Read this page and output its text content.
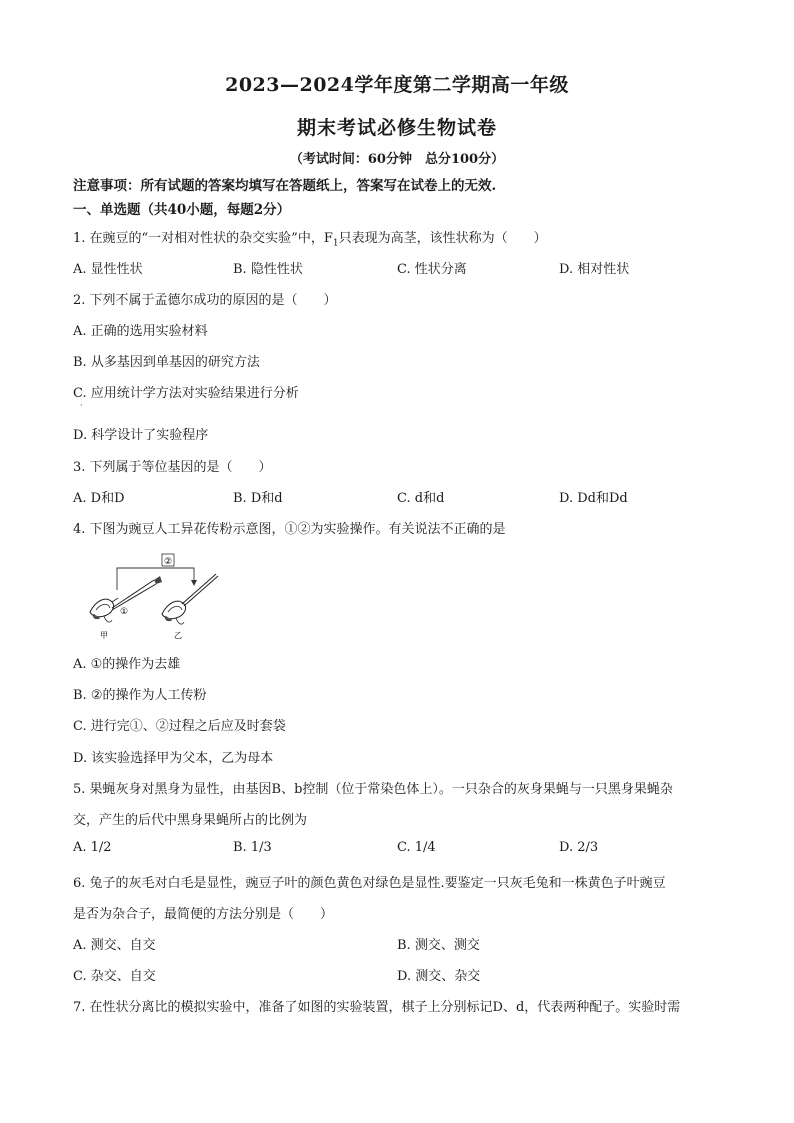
2023—2024学年度第二学期高一年级
期末考试必修生物试卷
（考试时间：60分钟　总分100分）
注意事项：所有试题的答案均填写在答题纸上，答案写在试卷上的无效.
一、单选题（共40小题，每题2分）
1. 在豌豆的“一对相对性状的杂交实验”中，$F_1$只表现为高茎，该性状称为（　　）
A. 显性性状	B. 隐性性状	C. 性状分离	D. 相对性状
2. 下列不属于孟德尔成功的原因的是（　　）
A. 正确的选用实验材料
B. 从多基因到单基因的研究方法
C. 应用统计学方法对实验结果进行分析
·
D. 科学设计了实验程序
3. 下列属于等位基因的是（　　）
A. D和D	B. D和d	C. d和d	D. Dd和Dd
4. 下图为豌豆人工异花传粉示意图，①②为实验操作。有关说法不正确的是
②
①
甲	乙
A. ①的操作为去雄
B. ②的操作为人工传粉
C. 进行完①、②过程之后应及时套袋
D. 该实验选择甲为父本，乙为母本
5. 果蝇灰身对黑身为显性，由基因B、b控制（位于常染色体上）。一只杂合的灰身果蝇与一只黑身果蝇杂
交，产生的后代中黑身果蝇所占的比例为
A. 1/2	B. 1/3	C. 1/4	D. 2/3
6. 兔子的灰毛对白毛是显性，豌豆子叶的颜色黄色对绿色是显性.要鉴定一只灰毛兔和一株黄色子叶豌豆
是否为杂合子，最简便的方法分别是（　　）
A. 测交、自交	B. 测交、测交
C. 杂交、自交	D. 测交、杂交
7. 在性状分离比的模拟实验中，准备了如图的实验装置，棋子上分别标记D、d，代表两种配子。实验时需
